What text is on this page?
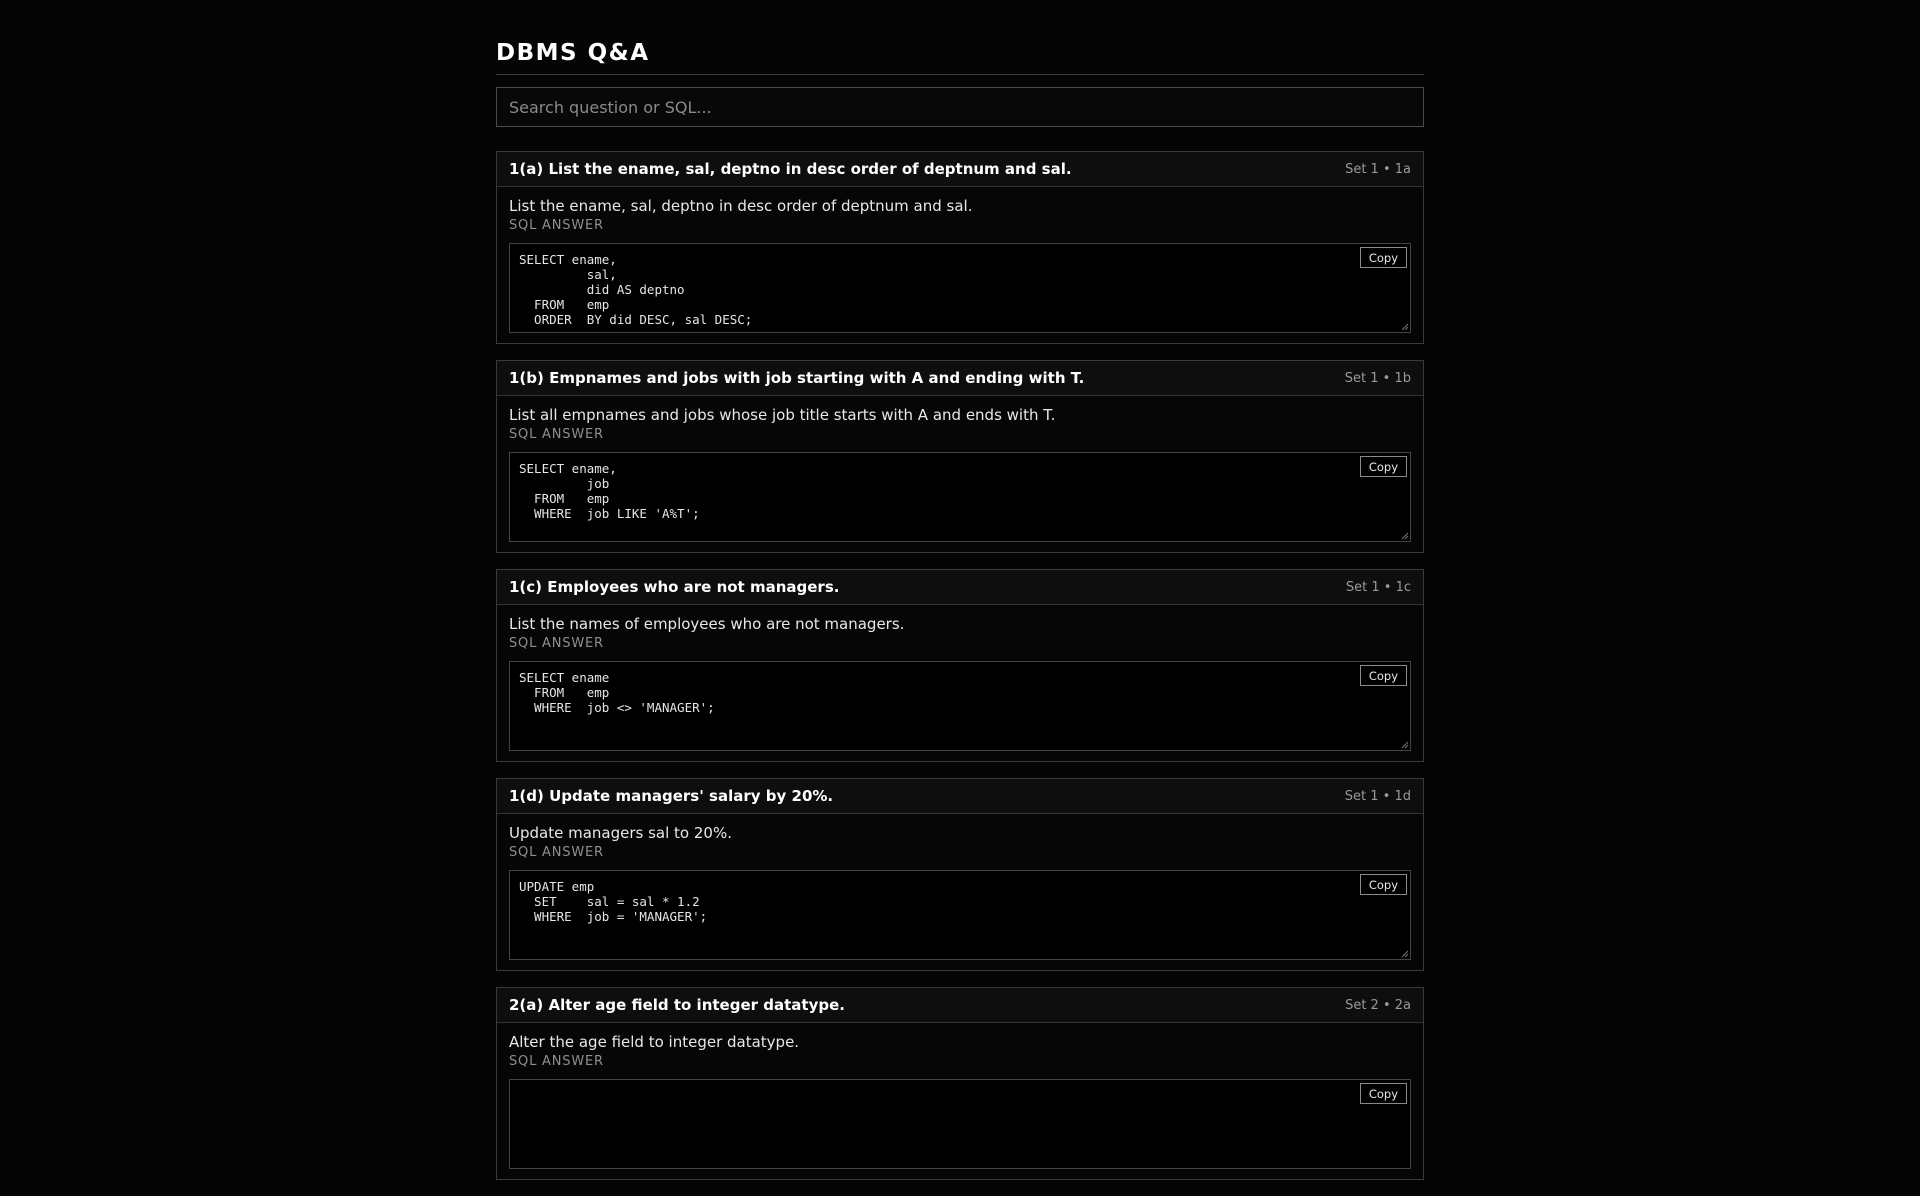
DBMS Q&A
Search question or SQL...
1(a) List the ename, sal, deptno in desc order of deptnum and sal.	Set 1 • 1a
List the ename, sal, deptno in desc order of deptnum and sal.
SQL ANSWER
SELECT ename,
sal,
did AS deptno
FROM   emp
ORDER  BY did DESC, sal DESC;
Copy
1(b) Empnames and jobs with job starting with A and ending with T.	Set 1 • 1b
List all empnames and jobs whose job title starts with A and ends with T.
SQL ANSWER
SELECT ename,
job
FROM   emp
WHERE  job LIKE 'A%T';
Copy
1(c) Employees who are not managers.	Set 1 • 1c
List the names of employees who are not managers.
SQL ANSWER
SELECT ename
FROM   emp
WHERE  job <> 'MANAGER';
Copy
1(d) Update managers' salary by 20%.	Set 1 • 1d
Update managers sal to 20%.
SQL ANSWER
UPDATE emp
SET    sal = sal * 1.2
WHERE  job = 'MANAGER';
Copy
2(a) Alter age field to integer datatype.	Set 2 • 2a
Alter the age field to integer datatype.
SQL ANSWER
Copy
